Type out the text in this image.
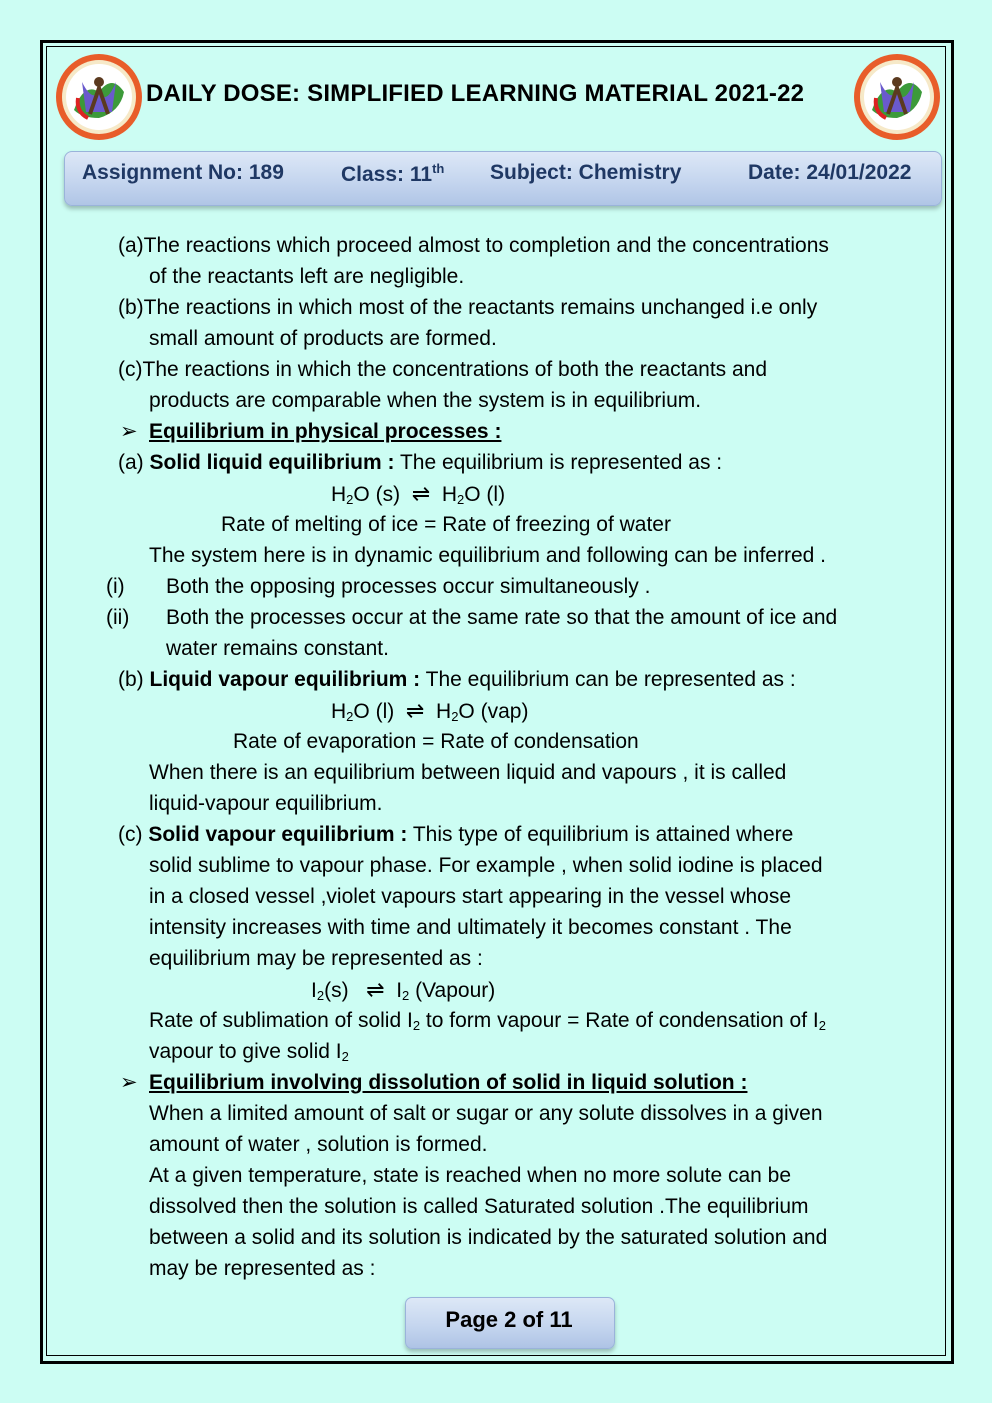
DAILY DOSE: SIMPLIFIED LEARNING MATERIAL 2021-22
Assignment No: 189	Class: 11th Subject: Chemistry	Date: 24/01/2022
(a)The reactions which proceed almost to completion and the concentrations
of the reactants left are negligible.
(b)The reactions in which most of the reactants remains unchanged i.e only
small amount of products are formed.
(c)The reactions in which the concentrations of both the reactants and
products are comparable when the system is in equilibrium.
➢ Equilibrium in physical processes :
(a) Solid liquid equilibrium : The equilibrium is represented as :
$H_2O$ (s) ⇌ $H_2O$ (l)
Rate of melting of ice = Rate of freezing of water
The system here is in dynamic equilibrium and following can be inferred .
(i) Both the opposing processes occur simultaneously .
(ii) Both the processes occur at the same rate so that the amount of ice and
water remains constant.
(b) Liquid vapour equilibrium : The equilibrium can be represented as :
$H_2O$ (l) ⇌ $H_2O$ (vap)
Rate of evaporation = Rate of condensation
When there is an equilibrium between liquid and vapours , it is called
liquid-vapour equilibrium.
(c) Solid vapour equilibrium : This type of equilibrium is attained where
solid sublime to vapour phase. For example , when solid iodine is placed
in a closed vessel ,violet vapours start appearing in the vessel whose
intensity increases with time and ultimately it becomes constant . The
equilibrium may be represented as :
$I_2(s)$ ⇌ $I_2$ (Vapour)
Rate of sublimation of solid $I_2$ to form vapour = Rate of condensation of $I_2$
vapour to give solid $I_2$
➢ Equilibrium involving dissolution of solid in liquid solution :
When a limited amount of salt or sugar or any solute dissolves in a given
amount of water , solution is formed.
At a given temperature, state is reached when no more solute can be
dissolved then the solution is called Saturated solution .The equilibrium
between a solid and its solution is indicated by the saturated solution and
may be represented as :
Page 2 of 11
